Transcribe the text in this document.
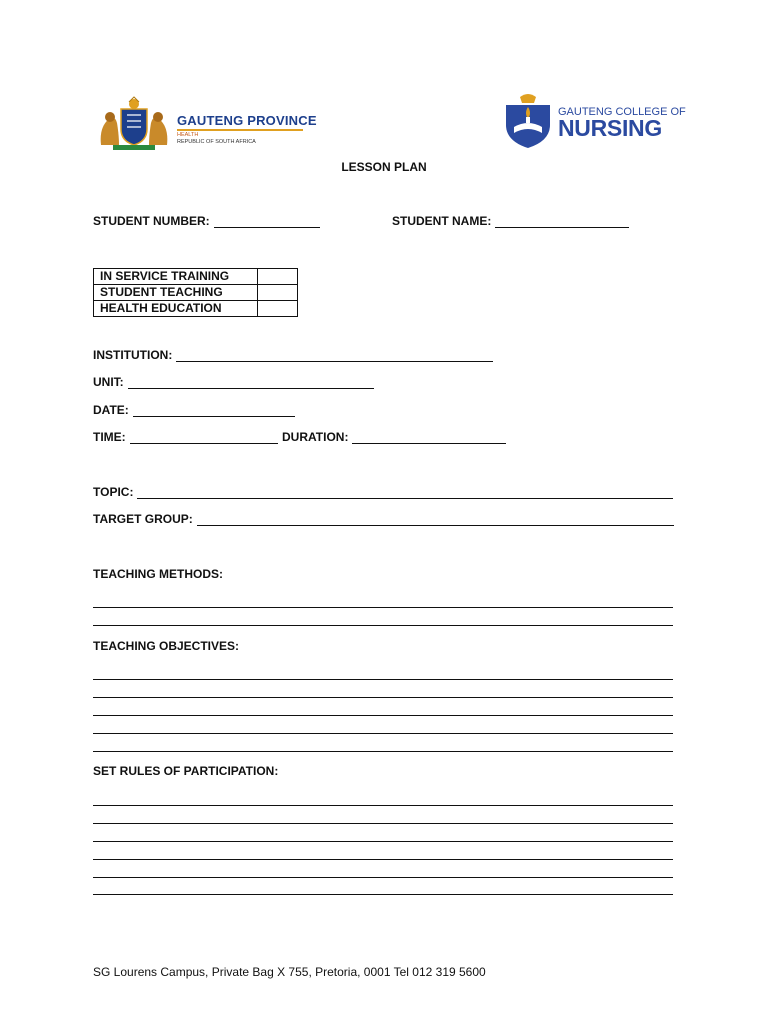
GAUTENG PROVINCE
HEALTH
REPUBLIC OF SOUTH AFRICA
GAUTENG COLLEGE OF
NURSING
LESSON PLAN
STUDENT NUMBER:	STUDENT NAME:
IN SERVICE TRAINING	
STUDENT TEACHING	
HEALTH EDUCATION	
INSTITUTION:
UNIT:
DATE:
TIME:	DURATION:
TOPIC:
TARGET GROUP:
TEACHING METHODS:
TEACHING OBJECTIVES:
SET RULES OF PARTICIPATION:
SG Lourens Campus, Private Bag X 755, Pretoria, 0001 Tel 012 319 5600
